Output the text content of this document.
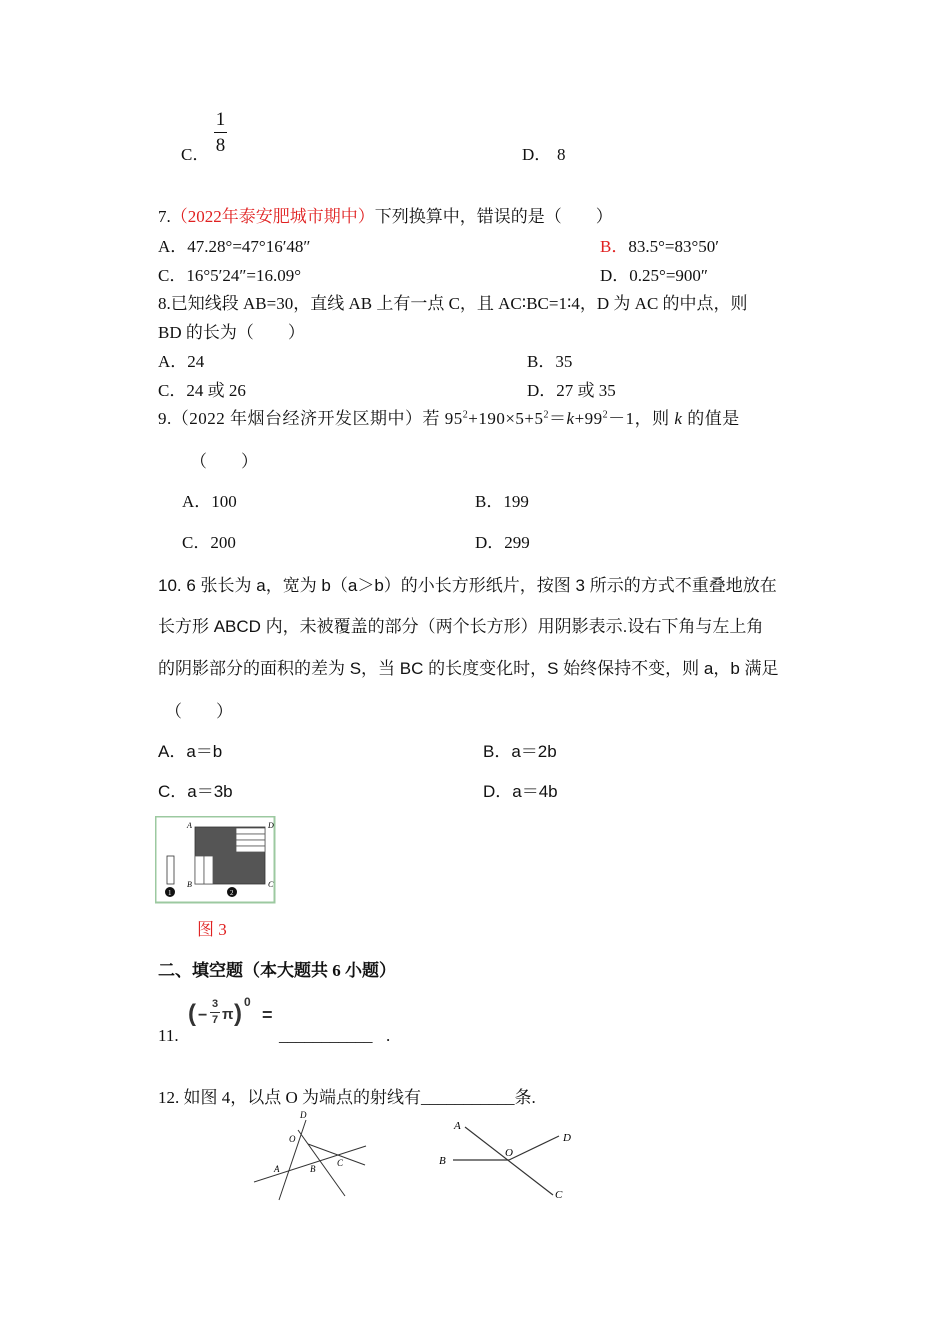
C．
1
8	D． 8
7.（2022年泰安肥城市期中）下列换算中，错误的是（　　）
A．47.28°=47°16′48″	B．83.5°=83°50′
C．16°5′24″=16.09°	D．0.25°=900″
8.已知线段 AB=30，直线 AB 上有一点 C，且 AC∶BC=1∶4，D 为 AC 的中点，则
BD 的长为（　　）
A．24	B．35
C．24 或 26	D．27 或 35
9.（2022 年烟台经济开发区期中）若 $95^2+190\times 5+5^2=k+99^2-1$，则 k 的值是
（　　）
A．100	B．199
C．200	D．299
10. 6 张长为 a，宽为 b（a＞b）的小长方形纸片，按图 3 所示的方式不重叠地放在
长方形 ABCD 内，未被覆盖的部分（两个长方形）用阴影表示.设右下角与左上角
的阴影部分的面积的差为 S，当 BC 的长度变化时，S 始终保持不变，则 a，b 满足
（　　）
A．a＝b	B．a＝2b
C．a＝3b	D．a＝4b
A	D
B	C
1	2
图 3
二、填空题（本大题共 6 小题）
11.
( −
3
7 π ) 0
=
___________ .
12. 如图 4，以点 O 为端点的射线有___________条.
D
O
A	B
C
A
B
O
D
C
